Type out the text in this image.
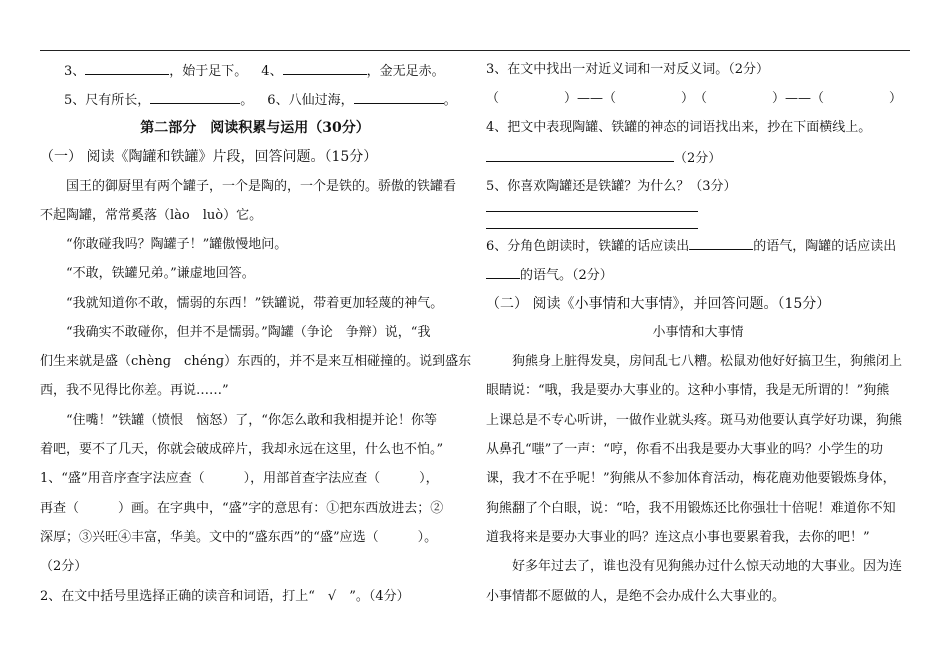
3、	，始于足下。 4、	，金无足赤。
5、尺有所长，	。 6、八仙过海，	。
第二部分　阅读积累与运用（30分）
（一） 阅读《陶罐和铁罐》片段，回答问题。（15分）
国王的御厨里有两个罐子，一个是陶的，一个是铁的。骄傲的铁罐看
不起陶罐，常常奚落（lào　luò）它。
“你敢碰我吗？陶罐子！”罐傲慢地问。
“不敢，铁罐兄弟。”谦虚地回答。
“我就知道你不敢，懦弱的东西！”铁罐说，带着更加轻蔑的神气。
“我确实不敢碰你，但并不是懦弱。”陶罐（争论　争辩）说，“我
们生来就是盛（chènɡ　chénɡ）东西的，并不是来互相碰撞的。说到盛东
西，我不见得比你差。再说……”
“住嘴！”铁罐（愤恨　恼怒）了，“你怎么敢和我相提并论！你等
着吧，要不了几天，你就会破成碎片，我却永远在这里，什么也不怕。”
1、“盛”用音序查字法应查（　　　），用部首查字法应查（　　　），
再查（　　　）画。在字典中，“盛”字的意思有：①把东西放进去；②
深厚；③兴旺④丰富，华美。文中的“盛东西”的“盛”应选（　　　）。
（2分）
2、在文中括号里选择正确的读音和词语，打上“　√　”。（4分）
3、在文中找出一对近义词和一对反义词。（2分）
（　　　　　）——（　　　　　）　（　　　　　）——（　　　　　）
4、把文中表现陶罐、铁罐的神态的词语找出来，抄在下面横线上。
（2分）
5、你喜欢陶罐还是铁罐？为什么？（3分）
6、分角色朗读时，铁罐的话应读出	的语气，陶罐的话应读出
的语气。（2分）
（二） 阅读《小事情和大事情》，并回答问题。（15分）
小事情和大事情
狗熊身上脏得发臭，房间乱七八糟。松鼠劝他好好搞卫生，狗熊闭上
眼睛说：“哦，我是要办大事业的。这种小事情，我是无所谓的！”狗熊
上课总是不专心听讲，一做作业就头疼。斑马劝他要认真学好功课，狗熊
从鼻孔“嗤”了一声：“哼，你看不出我是要办大事业的吗？小学生的功
课，我才不在乎呢！”狗熊从不参加体育活动，梅花鹿劝他要锻炼身体，
狗熊翻了个白眼，说：“哈，我不用锻炼还比你强壮十倍呢！难道你不知
道我将来是要办大事业的吗？连这点小事也要累着我，去你的吧！”
好多年过去了，谁也没有见狗熊办过什么惊天动地的大事业。因为连
小事情都不愿做的人，是绝不会办成什么大事业的。
